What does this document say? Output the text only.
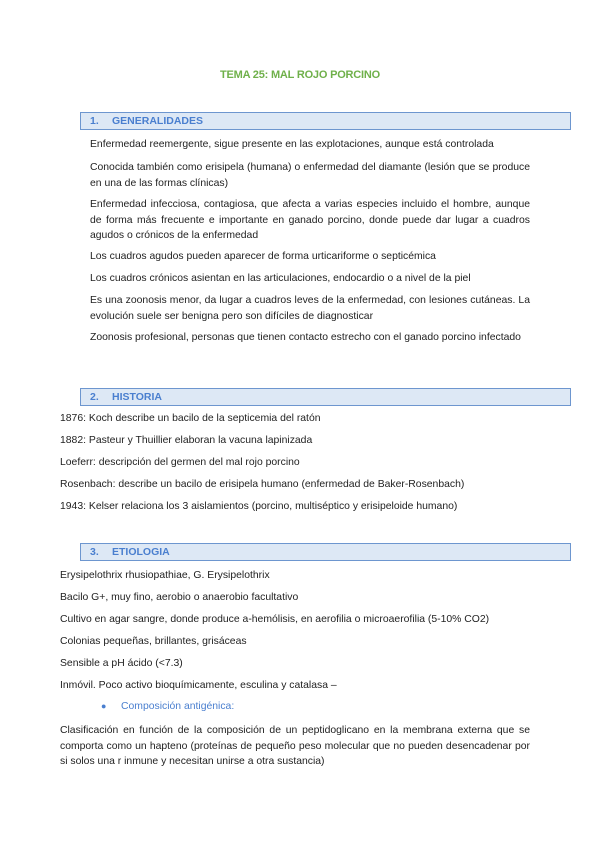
TEMA 25: MAL ROJO PORCINO
1. GENERALIDADES
Enfermedad reemergente, sigue presente en las explotaciones, aunque está controlada
Conocida también como erisipela (humana) o enfermedad del diamante (lesión que se produce en una de las formas clínicas)
Enfermedad infecciosa, contagiosa, que afecta a varias especies incluido el hombre, aunque de forma más frecuente e importante en ganado porcino, donde puede dar lugar a cuadros agudos o crónicos de la enfermedad
Los cuadros agudos pueden aparecer de forma urticariforme o septicémica
Los cuadros crónicos asientan en las articulaciones, endocardio o a nivel de la piel
Es una zoonosis menor, da lugar a cuadros leves de la enfermedad, con lesiones cutáneas. La evolución suele ser benigna pero son difíciles de diagnosticar
Zoonosis profesional, personas que tienen contacto estrecho con el ganado porcino infectado
2. HISTORIA
1876: Koch describe un bacilo de la septicemia del ratón
1882: Pasteur y Thuillier elaboran la vacuna lapinizada
Loeferr: descripción del germen del mal rojo porcino
Rosenbach: describe un bacilo de erisipela humano (enfermedad de Baker-Rosenbach)
1943: Kelser relaciona los 3 aislamientos (porcino, multiséptico y erisipeloide humano)
3. ETIOLOGIA
Erysipelothrix rhusiopathiae, G. Erysipelothrix
Bacilo G+, muy fino, aerobio o anaerobio facultativo
Cultivo en agar sangre, donde produce a-hemólisis, en aerofilia o microaerofilia (5-10% CO2)
Colonias pequeñas, brillantes, grisáceas
Sensible a pH ácido (<7.3)
Inmóvil. Poco activo bioquímicamente, esculina y catalasa –
● Composición antigénica:
Clasificación en función de la composición de un peptidoglicano en la membrana externa que se comporta como un hapteno (proteínas de pequeño peso molecular que no pueden desencadenar por si solos una r inmune y necesitan unirse a otra sustancia)
